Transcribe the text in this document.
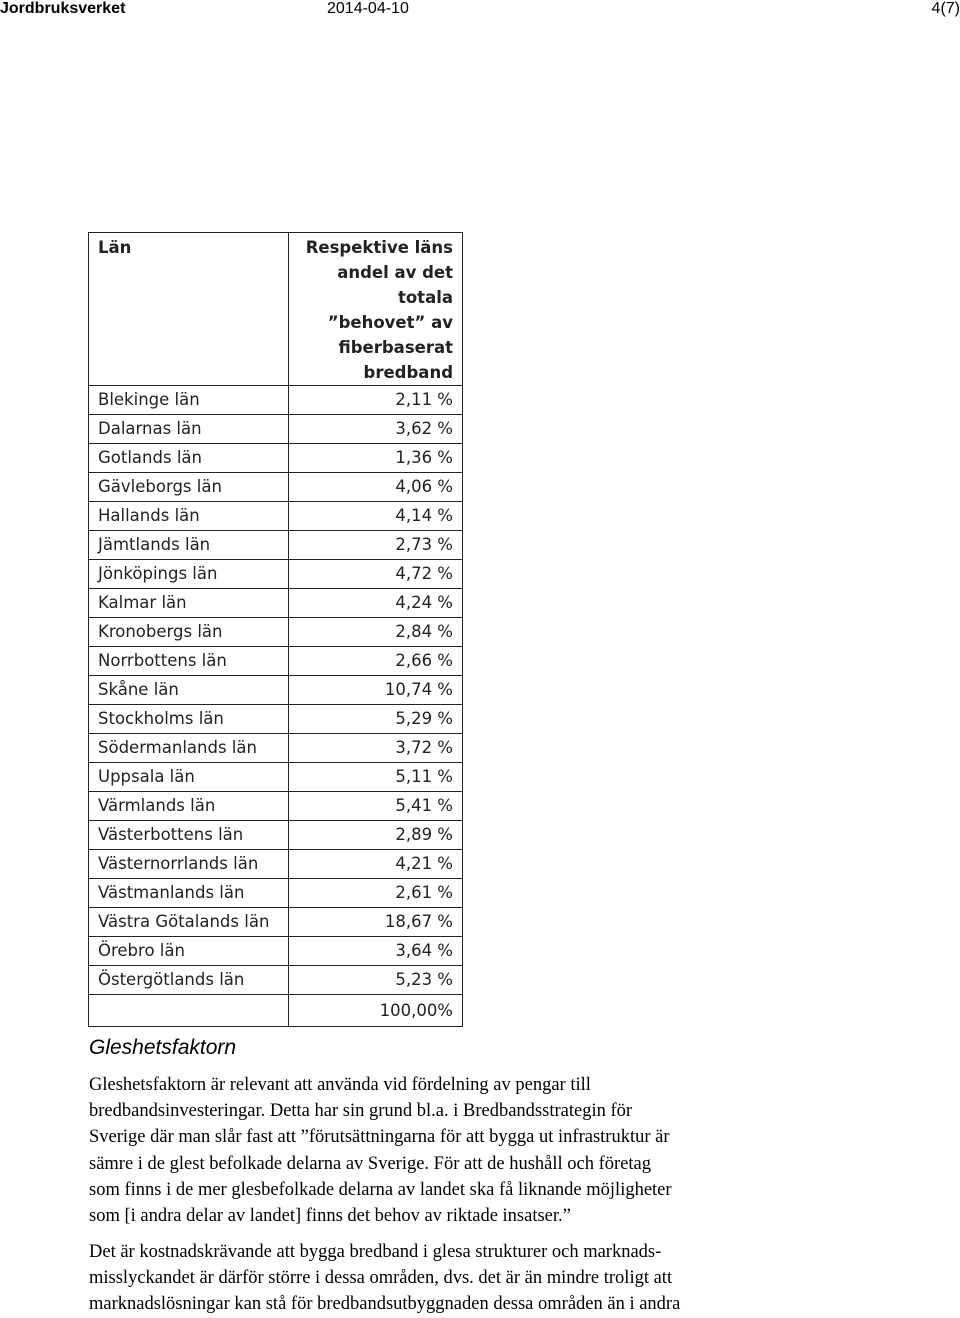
Jordbruksverket	2014-04-10	4(7)
Län	Respektive läns
andel av det totala
”behovet” av
fiberbaserat
bredband

Blekinge län	2,11 %
Dalarnas län	3,62 %
Gotlands län	1,36 %
Gävleborgs län	4,06 %
Hallands län	4,14 %
Jämtlands län	2,73 %
Jönköpings län	4,72 %
Kalmar län	4,24 %
Kronobergs län	2,84 %
Norrbottens län	2,66 %
Skåne län	10,74 %
Stockholms län	5,29 %
Södermanlands län	3,72 %
Uppsala län	5,11 %
Värmlands län	5,41 %
Västerbottens län	2,89 %
Västernorrlands län	4,21 %
Västmanlands län	2,61 %
Västra Götalands län	18,67 %
Örebro län	3,64 %
Östergötlands län	5,23 %
	100,00%
Gleshetsfaktorn

Gleshetsfaktorn är relevant att använda vid fördelning av pengar till
bredbandsinvesteringar. Detta har sin grund bl.a. i Bredbandsstrategin för
Sverige där man slår fast att ”förutsättningarna för att bygga ut infrastruktur är
sämre i de glest befolkade delarna av Sverige. För att de hushåll och företag
som finns i de mer glesbefolkade delarna av landet ska få liknande möjligheter
som [i andra delar av landet] finns det behov av riktade insatser.”

Det är kostnadskrävande att bygga bredband i glesa strukturer och marknads-
misslyckandet är därför större i dessa områden, dvs. det är än mindre troligt att
marknadslösningar kan stå för bredbandsutbyggnaden dessa områden än i andra
